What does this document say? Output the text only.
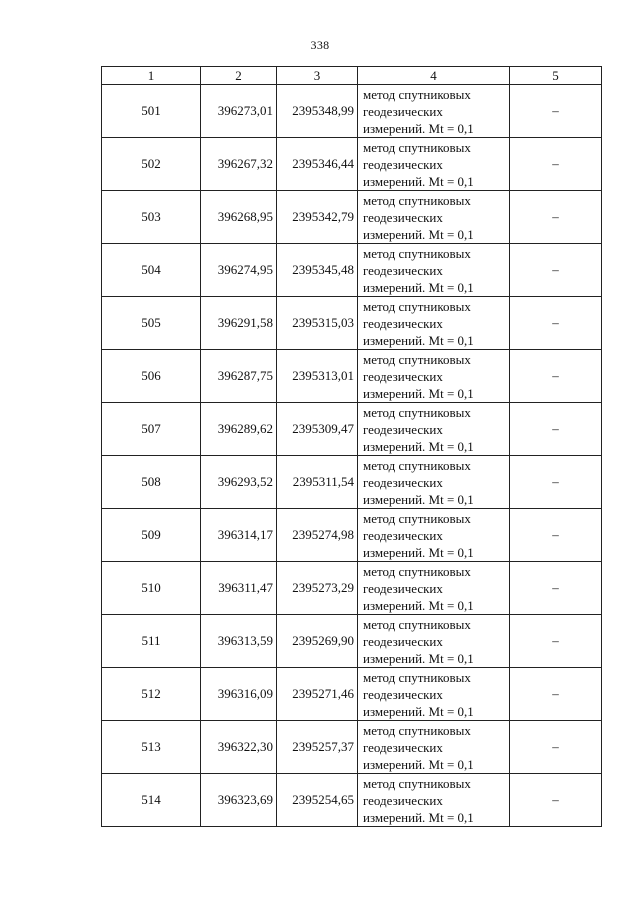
338
1	2	3	4	5
501	396273,01	2395348,99	метод спутниковых
геодезических
измерений. Mt = 0,1	–
502	396267,32	2395346,44	метод спутниковых
геодезических
измерений. Mt = 0,1	–
503	396268,95	2395342,79	метод спутниковых
геодезических
измерений. Mt = 0,1	–
504	396274,95	2395345,48	метод спутниковых
геодезических
измерений. Mt = 0,1	–
505	396291,58	2395315,03	метод спутниковых
геодезических
измерений. Mt = 0,1	–
506	396287,75	2395313,01	метод спутниковых
геодезических
измерений. Mt = 0,1	–
507	396289,62	2395309,47	метод спутниковых
геодезических
измерений. Mt = 0,1	–
508	396293,52	2395311,54	метод спутниковых
геодезических
измерений. Mt = 0,1	–
509	396314,17	2395274,98	метод спутниковых
геодезических
измерений. Mt = 0,1	–
510	396311,47	2395273,29	метод спутниковых
геодезических
измерений. Mt = 0,1	–
511	396313,59	2395269,90	метод спутниковых
геодезических
измерений. Mt = 0,1	–
512	396316,09	2395271,46	метод спутниковых
геодезических
измерений. Mt = 0,1	–
513	396322,30	2395257,37	метод спутниковых
геодезических
измерений. Mt = 0,1	–
514	396323,69	2395254,65	метод спутниковых
геодезических
измерений. Mt = 0,1	–
